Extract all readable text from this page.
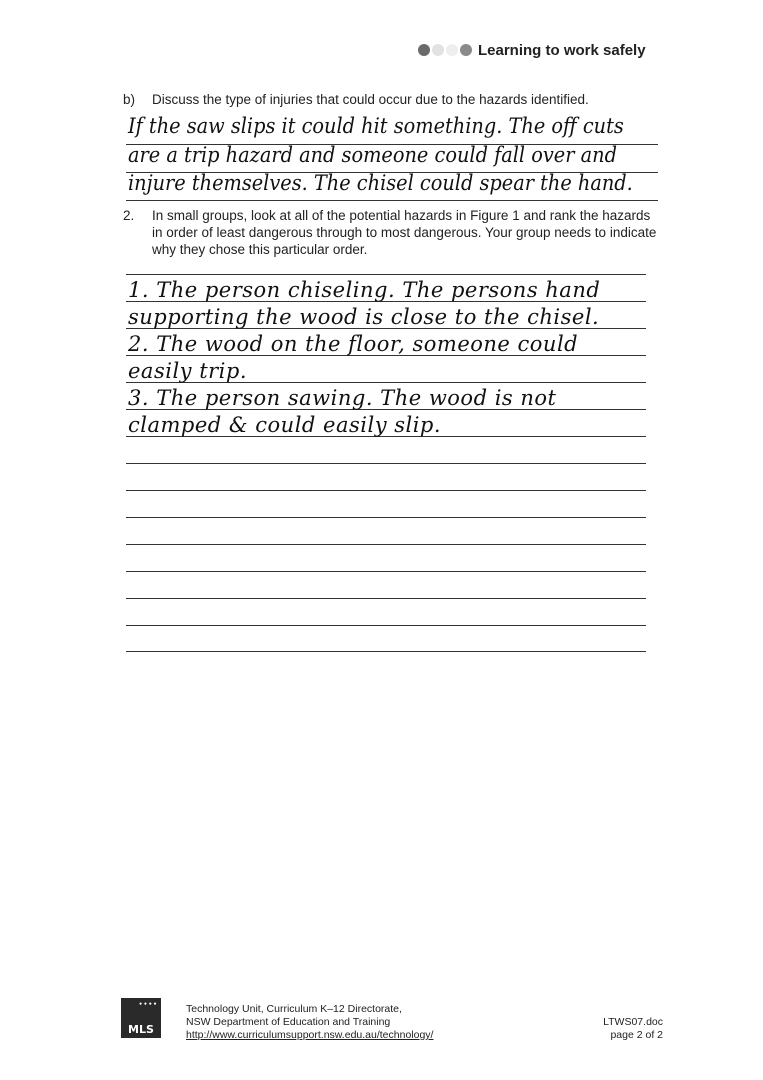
Learning to work safely
b) Discuss the type of injuries that could occur due to the hazards identified.
If the saw slips it could hit something. The off cuts
are a trip hazard and someone could fall over and
injure themselves. The chisel could spear the hand.
2. In small groups, look at all of the potential hazards in Figure 1 and rank the hazards in order of least dangerous through to most dangerous. Your group needs to indicate why they chose this particular order.
1. The person chiseling. The persons hand
supporting the wood is close to the chisel.
2. The wood on the floor, someone could
easily trip.
3. The person sawing. The wood is not
clamped & could easily slip.
••••
MLS
Technology Unit, Curriculum K–12 Directorate,
NSW Department of Education and Training
http://www.curriculumsupport.nsw.edu.au/technology/
LTWS07.doc
page 2 of 2
